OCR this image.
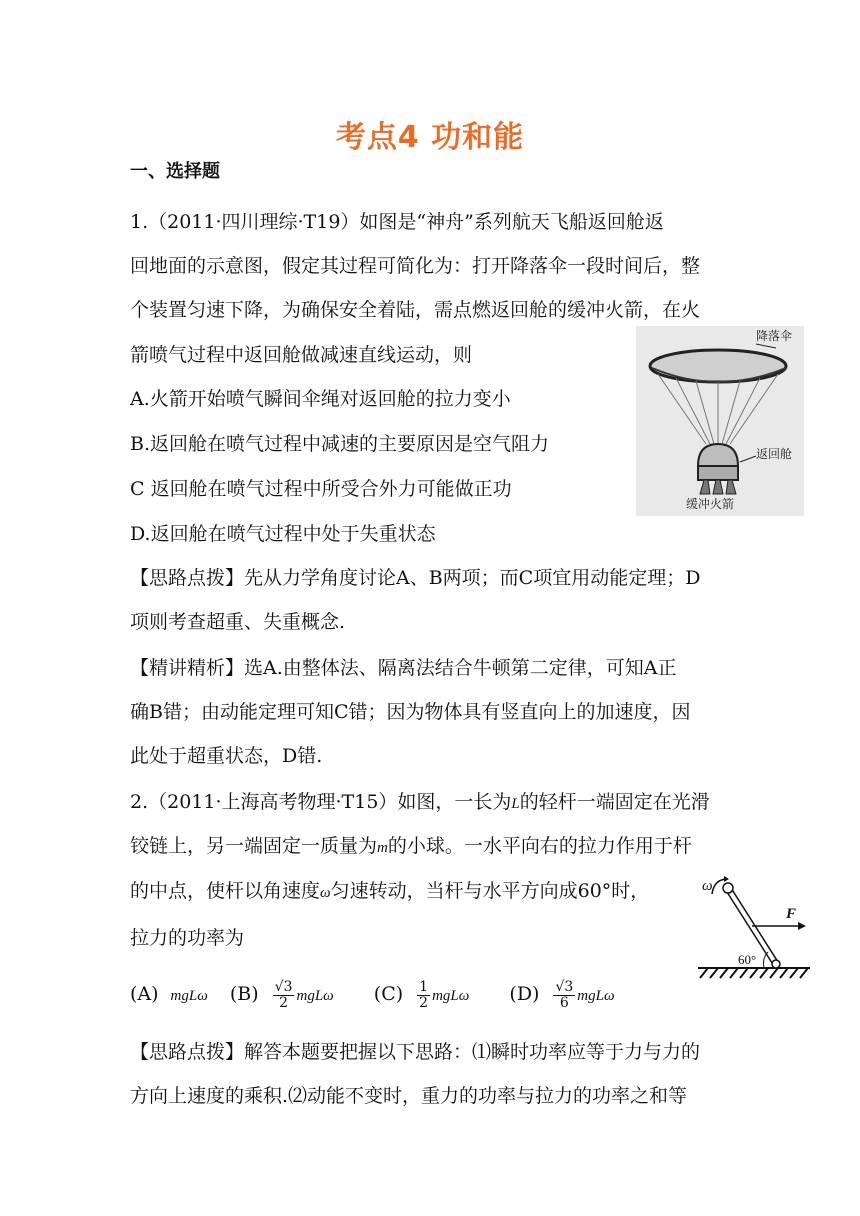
考点4 功和能
一、选择题
1.（2011·四川理综·T19）如图是“神舟”系列航天飞船返回舱返
回地面的示意图，假定其过程可简化为：打开降落伞一段时间后，整
个装置匀速下降，为确保安全着陆，需点燃返回舱的缓冲火箭，在火
箭喷气过程中返回舱做减速直线运动，则
A.火箭开始喷气瞬间伞绳对返回舱的拉力变小
B.返回舱在喷气过程中减速的主要原因是空气阻力
C 返回舱在喷气过程中所受合外力可能做正功
D.返回舱在喷气过程中处于失重状态
【思路点拨】先从力学角度讨论A、B两项；而C项宜用动能定理；D
项则考查超重、失重概念.
【精讲精析】选A.由整体法、隔离法结合牛顿第二定律，可知A正
确B错；由动能定理可知C错；因为物体具有竖直向上的加速度，因
此处于超重状态，D错.
降落伞
返回舱
缓冲火箭
2.（2011·上海高考物理·T15）如图，一长为L的轻杆一端固定在光滑
铰链上，另一端固定一质量为m的小球。一水平向右的拉力作用于杆
的中点，使杆以角速度ω匀速转动，当杆与水平方向成60°时，
拉力的功率为
(A) mgLω $(B) \frac{√3}{2}$ mgLω $(C) \frac{1}{2}$ mgLω $(D) \frac{√3}{6}$ mgLω
ω
F
60°
【思路点拨】解答本题要把握以下思路：⑴瞬时功率应等于力与力的
方向上速度的乘积.⑵动能不变时，重力的功率与拉力的功率之和等
